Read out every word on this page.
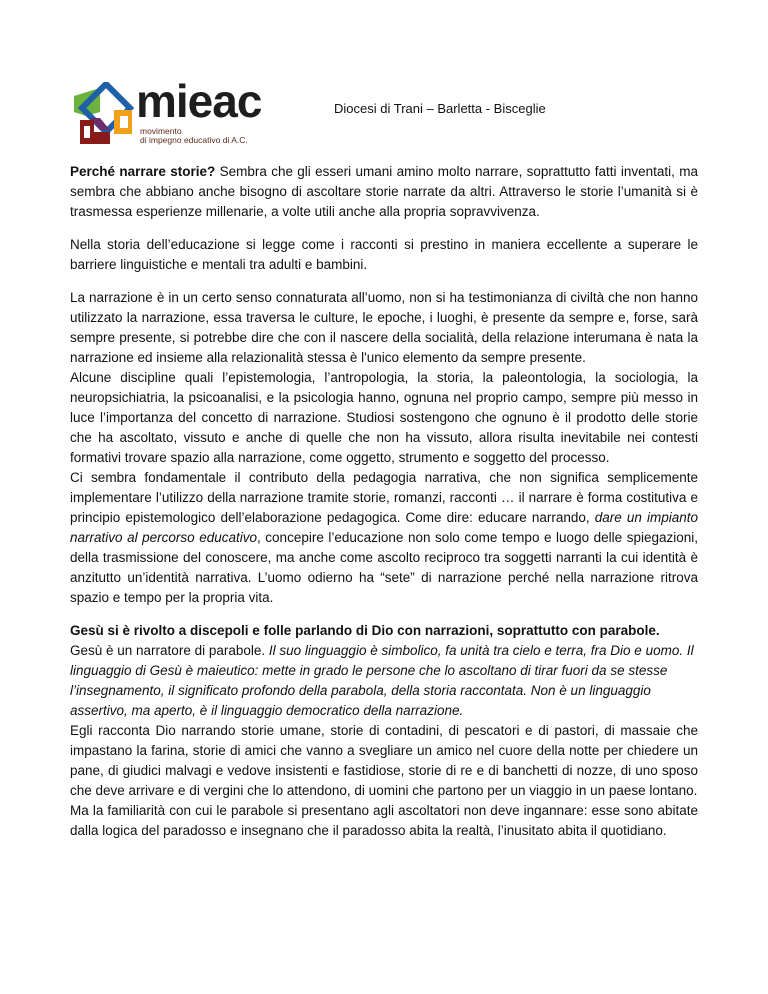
mieac
movimento
di impegno educativo di A.C.
Diocesi di Trani – Barletta - Bisceglie

Perché narrare storie? Sembra che gli esseri umani amino molto narrare, soprattutto fatti inventati, ma sembra che abbiano anche bisogno di ascoltare storie narrate da altri. Attraverso le storie l’umanità si è trasmessa esperienze millenarie, a volte utili anche alla propria sopravvivenza.

Nella storia dell’educazione si legge come i racconti si prestino in maniera eccellente a superare le barriere linguistiche e mentali tra adulti e bambini.

La narrazione è in un certo senso connaturata all’uomo, non si ha testimonianza di civiltà che non hanno utilizzato la narrazione, essa traversa le culture, le epoche, i luoghi, è presente da sempre e, forse, sarà sempre presente, si potrebbe dire che con il nascere della socialità, della relazione interumana è nata la narrazione ed insieme alla relazionalità stessa è l'unico elemento da sempre presente.

Alcune discipline quali l’epistemologia, l’antropologia, la storia, la paleontologia, la sociologia, la neuropsichiatria, la psicoanalisi, e la psicologia hanno, ognuna nel proprio campo, sempre più messo in luce l’importanza del concetto di narrazione. Studiosi sostengono che ognuno è il prodotto delle storie che ha ascoltato, vissuto e anche di quelle che non ha vissuto, allora risulta inevitabile nei contesti formativi trovare spazio alla narrazione, come oggetto, strumento e soggetto del processo.

Ci sembra fondamentale il contributo della pedagogia narrativa, che non significa semplicemente implementare l’utilizzo della narrazione tramite storie, romanzi, racconti … il narrare è forma costitutiva e principio epistemologico dell’elaborazione pedagogica. Come dire: educare narrando, dare un impianto narrativo al percorso educativo, concepire l’educazione non solo come tempo e luogo delle spiegazioni, della trasmissione del conoscere, ma anche come ascolto reciproco tra soggetti narranti la cui identità è anzitutto un’identità narrativa. L’uomo odierno ha “sete” di narrazione perché nella narrazione ritrova spazio e tempo per la propria vita.

Gesù si è rivolto a discepoli e folle parlando di Dio con narrazioni, soprattutto con parabole.

Gesù è un narratore di parabole. Il suo linguaggio è simbolico, fa unità tra cielo e terra, fra Dio e uomo. Il linguaggio di Gesù è maieutico: mette in grado le persone che lo ascoltano di tirar fuori da se stesse l’insegnamento, il significato profondo della parabola, della storia raccontata. Non è un linguaggio assertivo, ma aperto, è il linguaggio democratico della narrazione.

Egli racconta Dio narrando storie umane, storie di contadini, di pescatori e di pastori, di massaie che impastano la farina, storie di amici che vanno a svegliare un amico nel cuore della notte per chiedere un pane, di giudici malvagi e vedove insistenti e fastidiose, storie di re e di banchetti di nozze, di uno sposo che deve arrivare e di vergini che lo attendono, di uomini che partono per un viaggio in un paese lontano.

Ma la familiarità con cui le parabole si presentano agli ascoltatori non deve ingannare: esse sono abitate dalla logica del paradosso e insegnano che il paradosso abita la realtà, l’inusitato abita il quotidiano.
